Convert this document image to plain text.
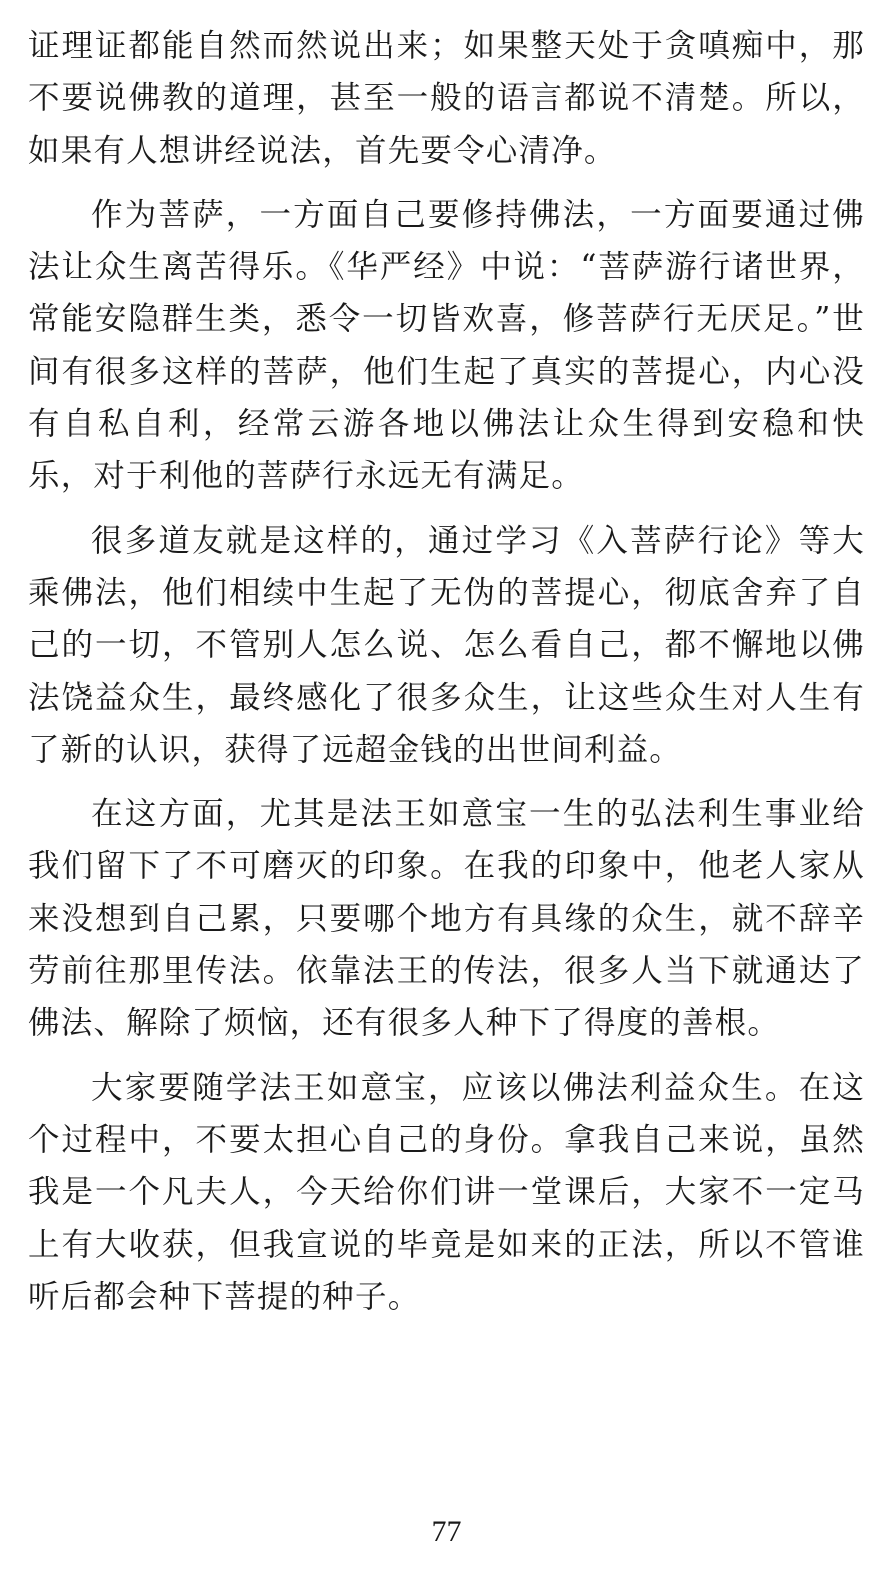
证理证都能自然而然说出来；如果整天处于贪嗔痴中，那不要说佛教的道理，甚至一般的语言都说不清楚。所以，如果有人想讲经说法，首先要令心清净。

作为菩萨，一方面自己要修持佛法，一方面要通过佛法让众生离苦得乐。《华严经》中说：“菩萨游行诸世界，常能安隐群生类，悉令一切皆欢喜，修菩萨行无厌足。”世间有很多这样的菩萨，他们生起了真实的菩提心，内心没有自私自利，经常云游各地以佛法让众生得到安稳和快乐，对于利他的菩萨行永远无有满足。

很多道友就是这样的，通过学习《入菩萨行论》等大乘佛法，他们相续中生起了无伪的菩提心，彻底舍弃了自己的一切，不管别人怎么说、怎么看自己，都不懈地以佛法饶益众生，最终感化了很多众生，让这些众生对人生有了新的认识，获得了远超金钱的出世间利益。

在这方面，尤其是法王如意宝一生的弘法利生事业给我们留下了不可磨灭的印象。在我的印象中，他老人家从来没想到自己累，只要哪个地方有具缘的众生，就不辞辛劳前往那里传法。依靠法王的传法，很多人当下就通达了佛法、解除了烦恼，还有很多人种下了得度的善根。

大家要随学法王如意宝，应该以佛法利益众生。在这个过程中，不要太担心自己的身份。拿我自己来说，虽然我是一个凡夫人，今天给你们讲一堂课后，大家不一定马上有大收获，但我宣说的毕竟是如来的正法，所以不管谁听后都会种下菩提的种子。

77
